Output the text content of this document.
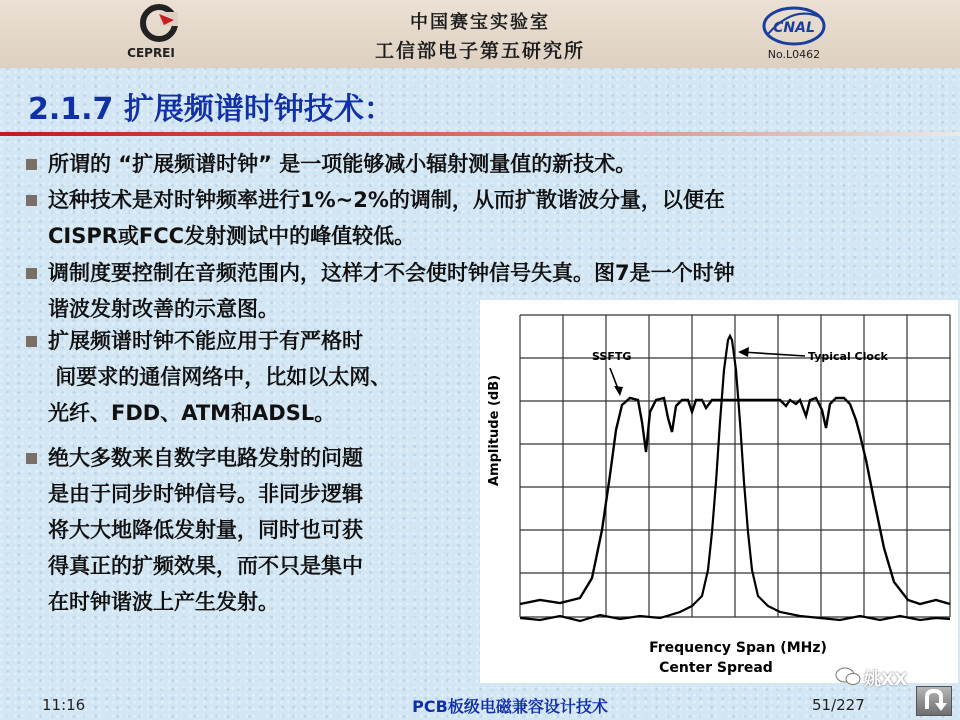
CEPREI
中国赛宝实验室
工信部电子第五研究所
CNAL
No.L0462
2.1.7 扩展频谱时钟技术：
所谓的 “扩展频谱时钟” 是一项能够减小辐射测量值的新技术。
这种技术是对时钟频率进行1%~2%的调制，从而扩散谐波分量，以便在
CISPR或FCC发射测试中的峰值较低。
调制度要控制在音频范围内，这样才不会使时钟信号失真。图7是一个时钟
谐波发射改善的示意图。
扩展频谱时钟不能应用于有严格时
间要求的通信网络中，比如以太网、
光纤、FDD、ATM和ADSL。
绝大多数来自数字电路发射的问题
是由于同步时钟信号。非同步逻辑
将大大地降低发射量，同时也可获
得真正的扩频效果，而不只是集中
在时钟谐波上产生发射。
SSFTG	Typical Clock
Amplitude (dB)
Frequency Span (MHz)
Center Spread
11:16	PCB板级电磁兼容设计技术	51/227
姚XX
